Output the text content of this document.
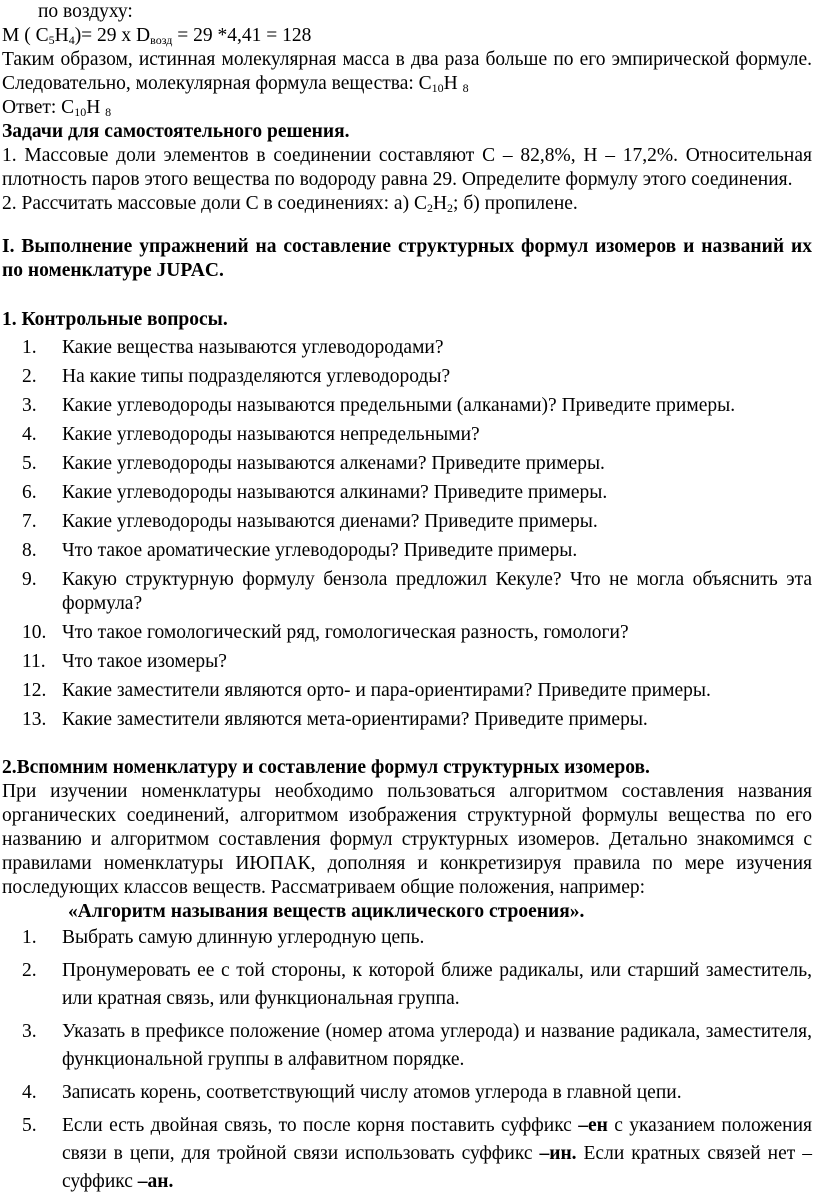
по воздуху:

M ( $C_5H_4)= 29$ x $D_{возд} = 29$ *4,41 = 128

Таким образом, истинная молекулярная масса в два раза больше по его эмпирической формуле. Следовательно, молекулярная формула вещества: $C_{10}H$ $_8$

Ответ: $C_{10}H$ $_8$

Задачи для самостоятельного решения.

1. Массовые доли элементов в соединении составляют C – 82,8%, H – 17,2%. Относительная плотность паров этого вещества по водороду равна 29. Определите формулу этого соединения.

2. Рассчитать массовые доли C в соединениях: а) $C_2H_2$; б) пропилене.

I. Выполнение упражнений на составление структурных формул изомеров и названий их по номенклатуре JUPAC.

1. Контрольные вопросы.

1.	Какие вещества называются углеводородами?
2.	На какие типы подразделяются углеводороды?
3.	Какие углеводороды называются предельными (алканами)? Приведите примеры.
4.	Какие углеводороды называются непредельными?
5.	Какие углеводороды называются алкенами? Приведите примеры.
6.	Какие углеводороды называются алкинами? Приведите примеры.
7.	Какие углеводороды называются диенами? Приведите примеры.
8.	Что такое ароматические углеводороды? Приведите примеры.
9.	Какую структурную формулу бензола предложил Кекуле? Что не могла объяснить эта формула?
10. Что такое гомологический ряд, гомологическая разность, гомологи?
11. Что такое изомеры?
12. Какие заместители являются орто- и пара-ориентирами? Приведите примеры.
13. Какие заместители являются мета-ориентирами? Приведите примеры.

2.Вспомним номенклатуру и составление формул структурных изомеров.

При изучении номенклатуры необходимо пользоваться алгоритмом составления названия органических соединений, алгоритмом изображения структурной формулы вещества по его названию и алгоритмом составления формул структурных изомеров. Детально знакомимся с правилами номенклатуры ИЮПАК, дополняя и конкретизируя правила по мере изучения последующих классов веществ. Рассматриваем общие положения, например:

«Алгоритм называния веществ ациклического строения».

1.	Выбрать самую длинную углеродную цепь.
2.	Пронумеровать ее с той стороны, к которой ближе радикалы, или старший заместитель, или кратная связь, или функциональная группа.
3.	Указать в префиксе положение (номер атома углерода) и название радикала, заместителя, функциональной группы в алфавитном порядке.
4.	Записать корень, соответствующий числу атомов углерода в главной цепи.
5.	Если есть двойная связь, то после корня поставить суффикс –ен с указанием положения связи в цепи, для тройной связи использовать суффикс –ин. Если кратных связей нет – суффикс –ан.
